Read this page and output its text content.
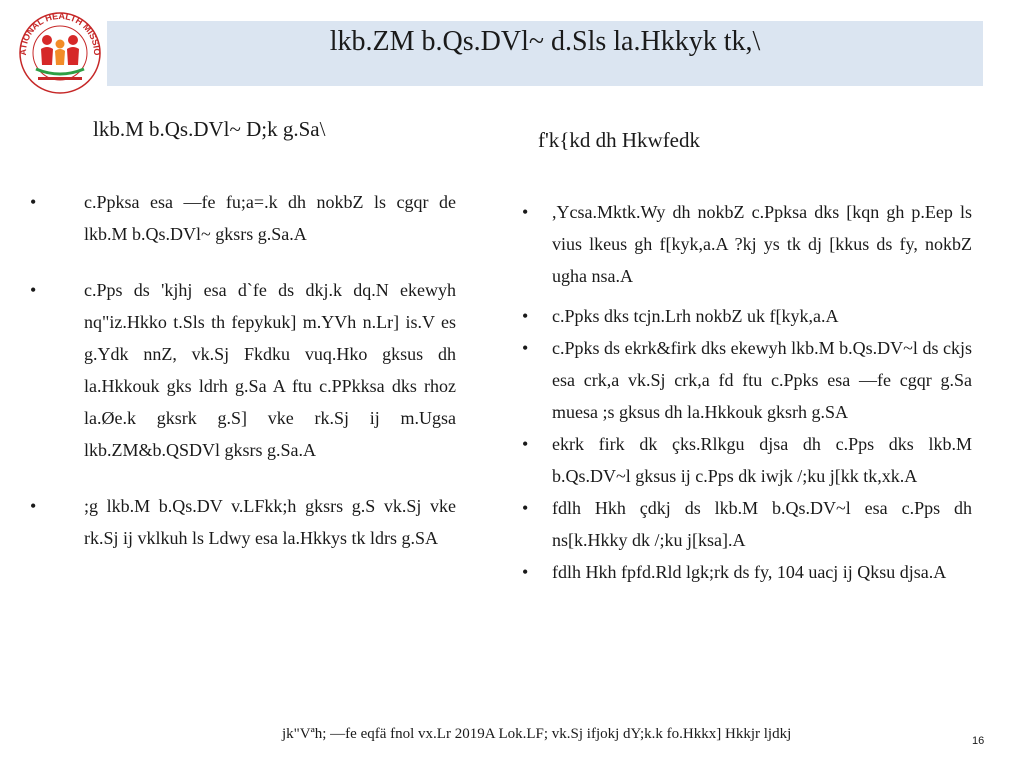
lkb.ZM b.Qs.DVl~ d.Sls la.Hkkyk tk,\
ATIONAL HEALTH MISSIO
lkb.M b.Qs.DVl~ D;k g.Sa\	f'k{kd dh Hkwfedk
•	c.Ppksa esa —fe fu;a=.k dh nokbZ ls cgqr de lkb.M b.Qs.DVl~ gksrs g.Sa.A
•	c.Pps ds 'kjhj esa d`fe ds dkj.k dq.N ekewyh nq"iz.Hkko t.Sls th fepykuk] m.YVh n.Lr] is.V es g.Ydk nnZ, vk.Sj Fkdku vuq.Hko gksus dh la.Hkkouk gks ldrh g.Sa A ftu c.PPkksa dks rhoz la.Øe.k gksrk g.S] vke rk.Sj ij m.Ugsa lkb.ZM&b.QSDVl gksrs g.Sa.A
•	;g lkb.M b.Qs.DV v.LFkk;h gksrs g.S vk.Sj vke rk.Sj ij vklkuh ls Ldwy esa la.Hkkys tk ldrs g.SA
• ,Ycsa.Mktk.Wy dh nokbZ c.Ppksa dks [kqn gh p.Eep ls vius lkeus gh f[kyk,a.A ?kj ys tk dj [kkus ds fy, nokbZ ugha nsa.A
• c.Ppks dks tcjn.Lrh nokbZ uk f[kyk,a.A
• c.Ppks ds ekrk&firk dks ekewyh lkb.M b.Qs.DV~l ds ckjs esa crk,a vk.Sj crk,a fd ftu c.Ppks esa —fe cgqr g.Sa muesa ;s gksus dh la.Hkkouk gksrh g.SA
• ekrk firk dk çks.Rlkgu djsa dh c.Pps dks lkb.M b.Qs.DV~l gksus ij c.Pps dk iwjk /;ku j[kk tk,xk.A
• fdlh Hkh çdkj ds lkb.M b.Qs.DV~l esa c.Pps dh ns[k.Hkky dk /;ku j[ksa].A
• fdlh Hkh fpfd.Rld lgk;rk ds fy, 104 uacj ij Qksu djsa.A
jk"Vªh; —fe eqfä fnol vx.Lr 2019A Lok.LF; vk.Sj ifjokj dY;k.k fo.Hkkx] Hkkjr ljdkj	16
